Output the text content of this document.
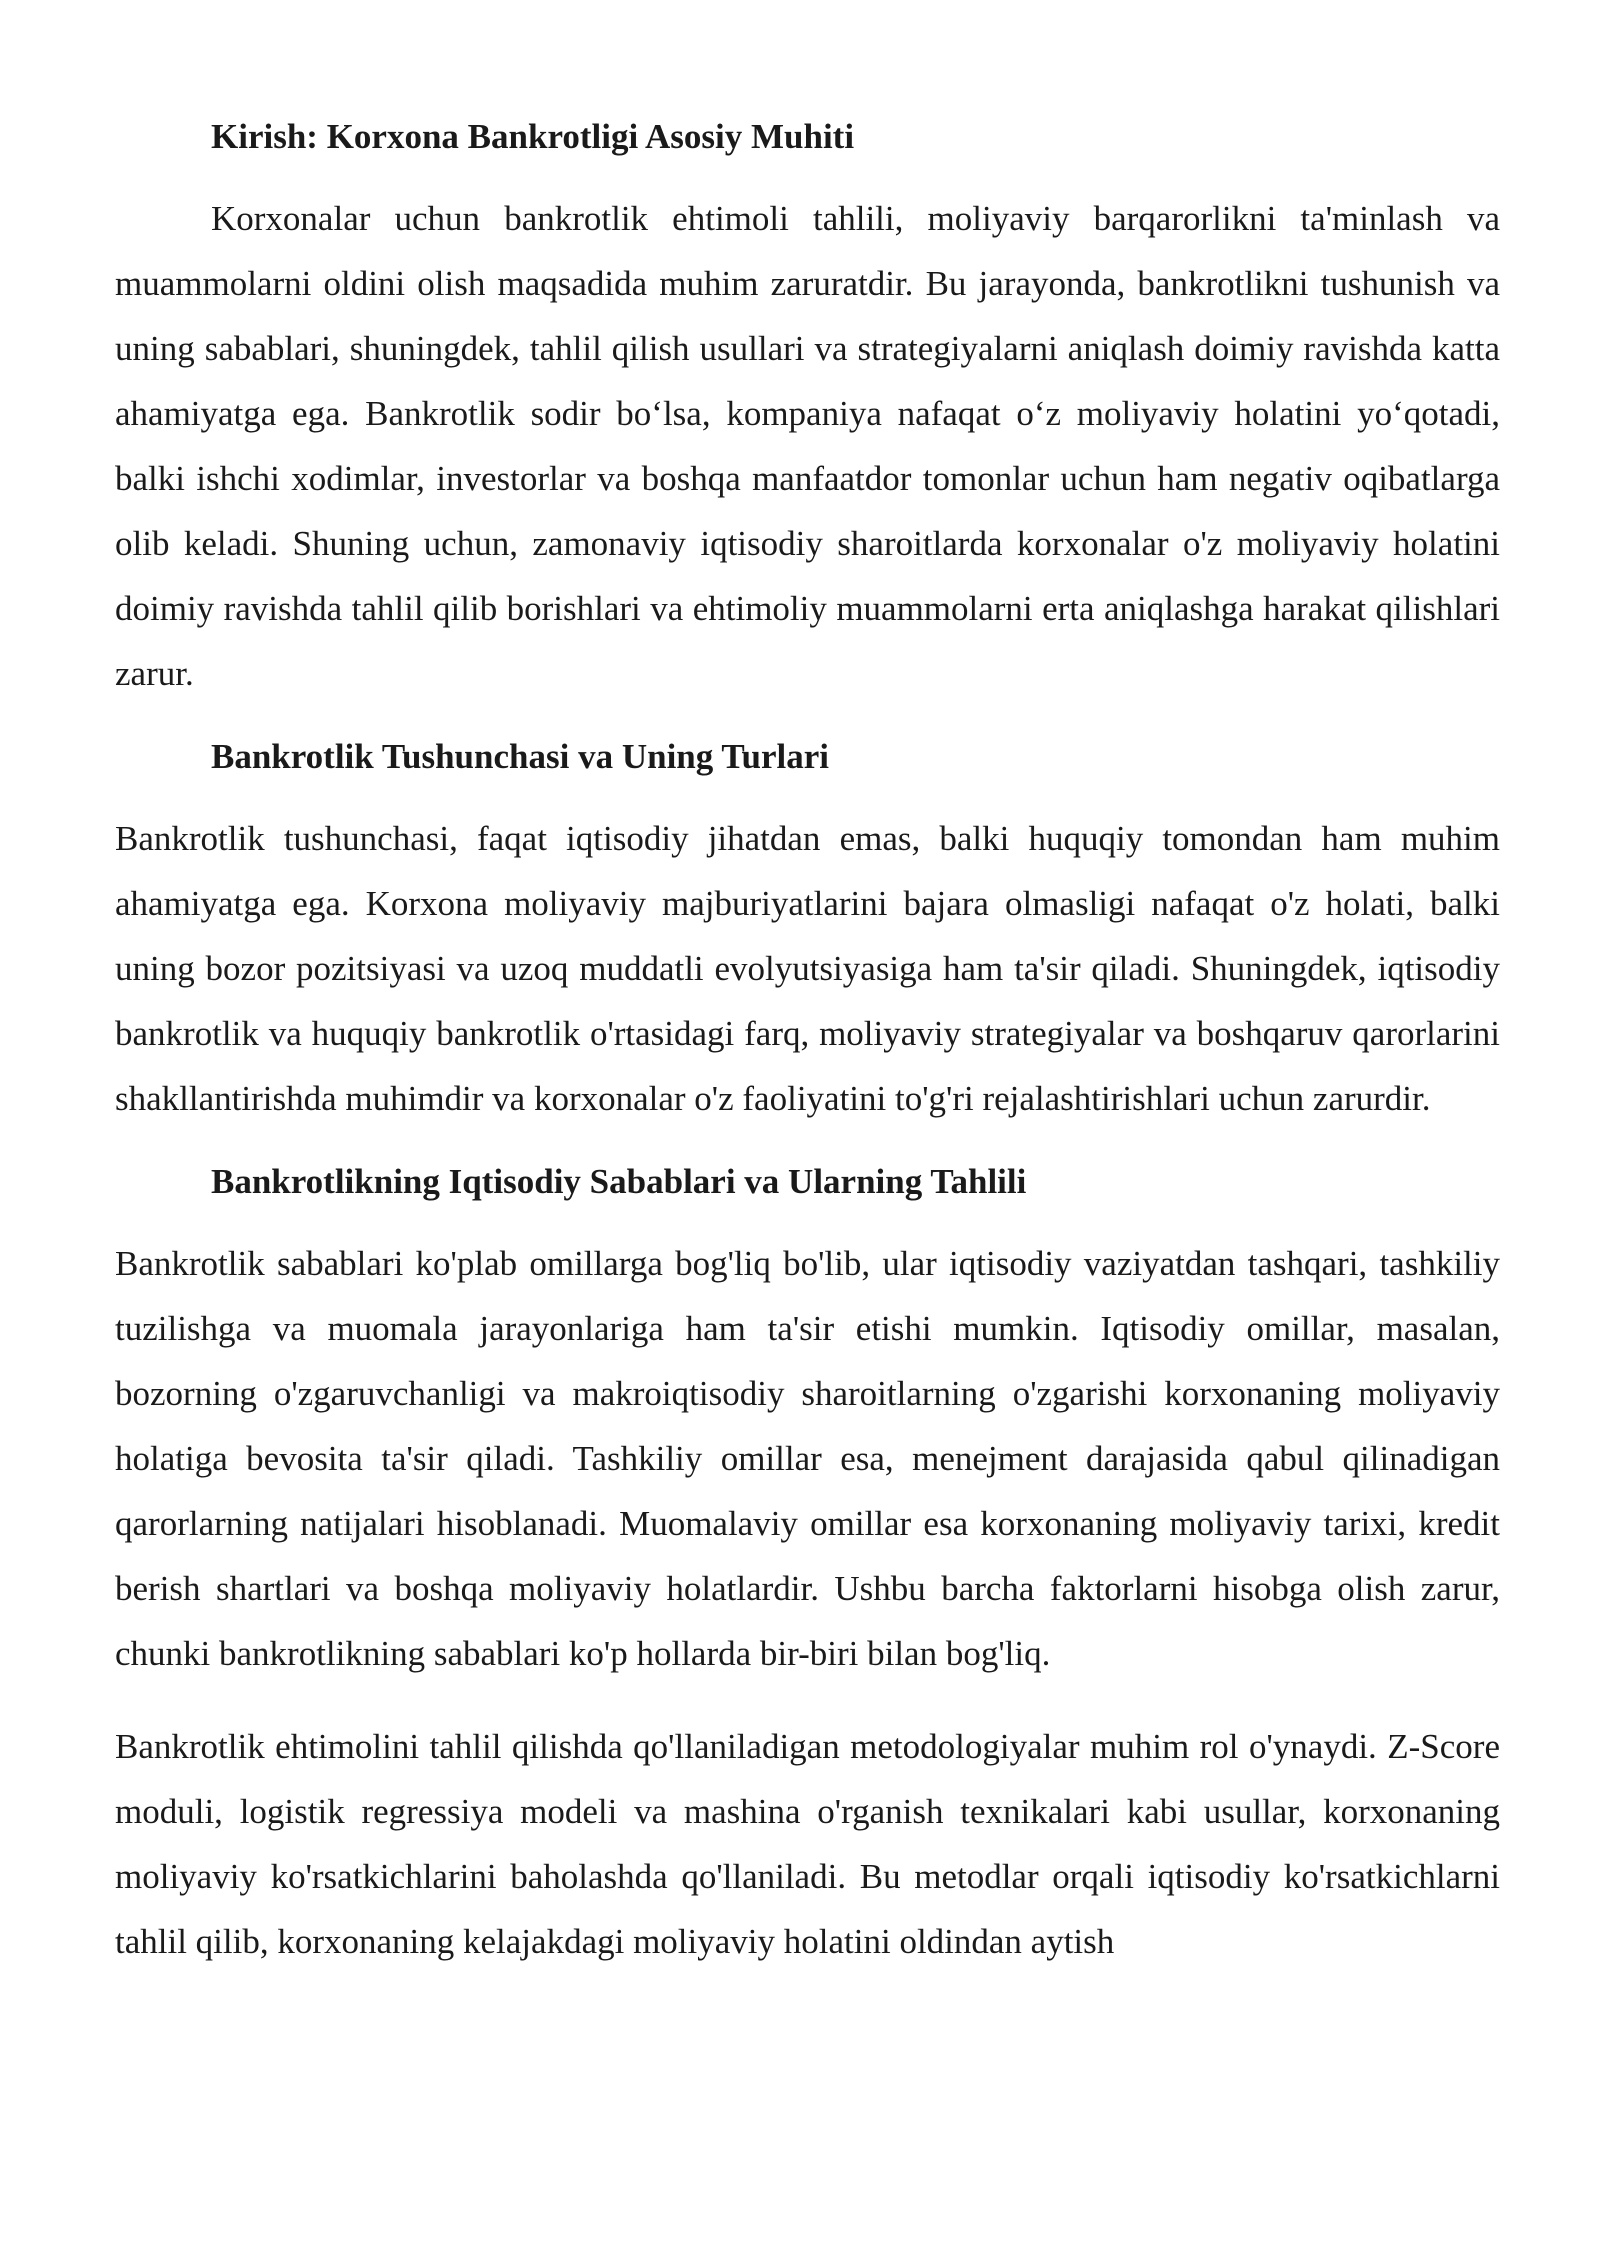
Kirish: Korxona Bankrotligi Asosiy Muhiti

Korxonalar uchun bankrotlik ehtimoli tahlili, moliyaviy barqarorlikni ta'minlash va muammolarni oldini olish maqsadida muhim zaruratdir. Bu jarayonda, bankrotlikni tushunish va uning sabablari, shuningdek, tahlil qilish usullari va strategiyalarni aniqlash doimiy ravishda katta ahamiyatga ega. Bankrotlik sodir bo‘lsa, kompaniya nafaqat o‘z moliyaviy holatini yo‘qotadi, balki ishchi xodimlar, investorlar va boshqa manfaatdor tomonlar uchun ham negativ oqibatlarga olib keladi. Shuning uchun, zamonaviy iqtisodiy sharoitlarda korxonalar o'z moliyaviy holatini doimiy ravishda tahlil qilib borishlari va ehtimoliy muammolarni erta aniqlashga harakat qilishlari zarur.

Bankrotlik Tushunchasi va Uning Turlari

Bankrotlik tushunchasi, faqat iqtisodiy jihatdan emas, balki huquqiy tomondan ham muhim ahamiyatga ega. Korxona moliyaviy majburiyatlarini bajara olmasligi nafaqat o'z holati, balki uning bozor pozitsiyasi va uzoq muddatli evolyutsiyasiga ham ta'sir qiladi. Shuningdek, iqtisodiy bankrotlik va huquqiy bankrotlik o'rtasidagi farq, moliyaviy strategiyalar va boshqaruv qarorlarini shakllantirishda muhimdir va korxonalar o'z faoliyatini to'g'ri rejalashtirishlari uchun zarurdir.

Bankrotlikning Iqtisodiy Sabablari va Ularning Tahlili

Bankrotlik sabablari ko'plab omillarga bog'liq bo'lib, ular iqtisodiy vaziyatdan tashqari, tashkiliy tuzilishga va muomala jarayonlariga ham ta'sir etishi mumkin. Iqtisodiy omillar, masalan, bozorning o'zgaruvchanligi va makroiqtisodiy sharoitlarning o'zgarishi korxonaning moliyaviy holatiga bevosita ta'sir qiladi. Tashkiliy omillar esa, menejment darajasida qabul qilinadigan qarorlarning natijalari hisoblanadi. Muomalaviy omillar esa korxonaning moliyaviy tarixi, kredit berish shartlari va boshqa moliyaviy holatlardir. Ushbu barcha faktorlarni hisobga olish zarur, chunki bankrotlikning sabablari ko'p hollarda bir-biri bilan bog'liq.

Bankrotlik ehtimolini tahlil qilishda qo'llaniladigan metodologiyalar muhim rol o'ynaydi. Z-Score moduli, logistik regressiya modeli va mashina o'rganish texnikalari kabi usullar, korxonaning moliyaviy ko'rsatkichlarini baholashda qo'llaniladi. Bu metodlar orqali iqtisodiy ko'rsatkichlarni tahlil qilib, korxonaning kelajakdagi moliyaviy holatini oldindan aytish
